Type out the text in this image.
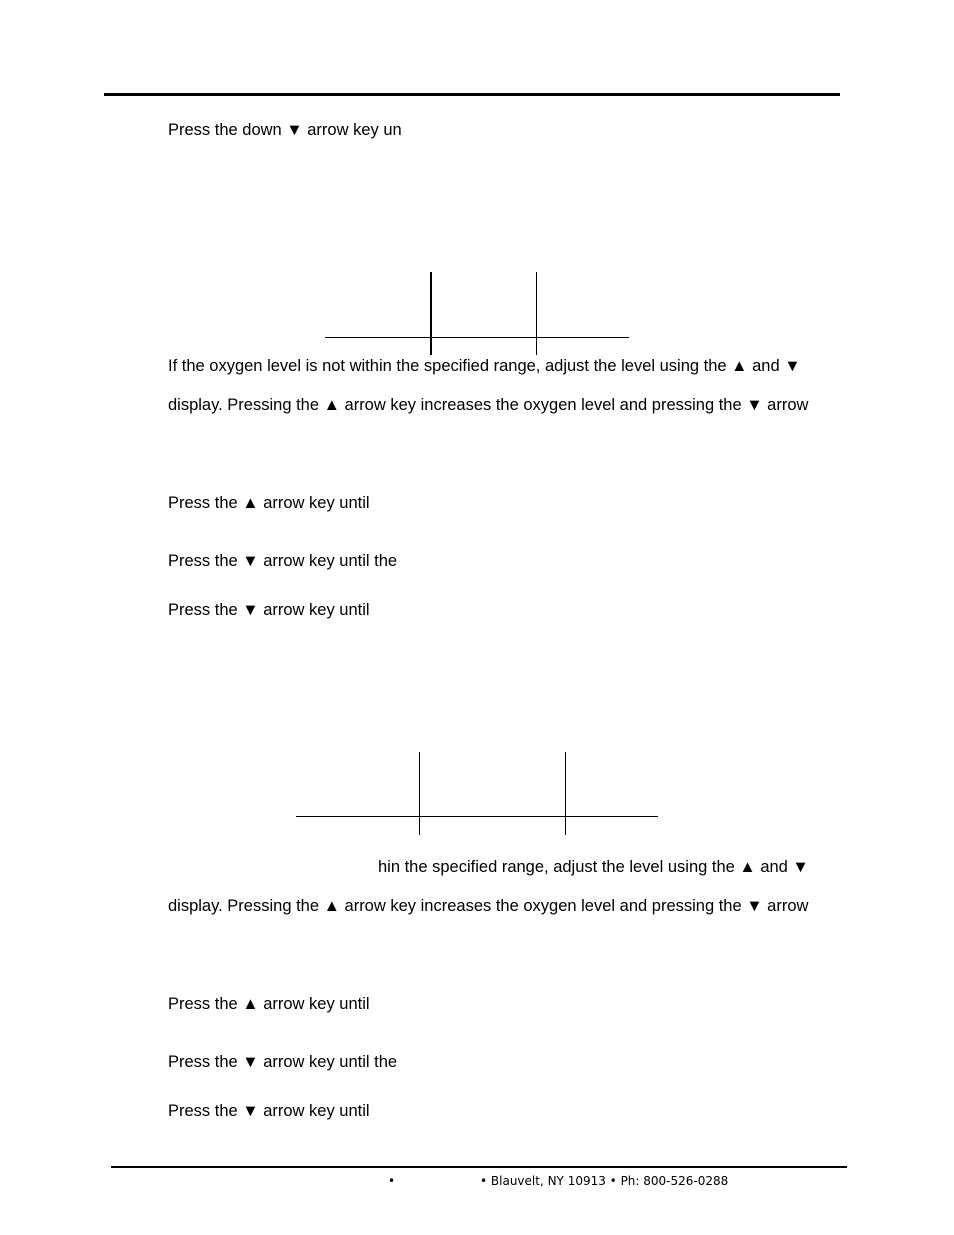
Press the down ▼ arrow key un
If the oxygen level is not within the specified range, adjust the level using the ▲ and ▼
display. Pressing the ▲ arrow key increases the oxygen level and pressing the ▼ arrow
Press the ▲ arrow key until
Press the ▼ arrow key until the
Press the ▼ arrow key until
hin the specified range, adjust the level using the ▲ and ▼
display. Pressing the ▲ arrow key increases the oxygen level and pressing the ▼ arrow
Press the ▲ arrow key until
Press the ▼ arrow key until the
Press the ▼ arrow key until
•	• Blauvelt, NY 10913 • Ph: 800-526-0288
